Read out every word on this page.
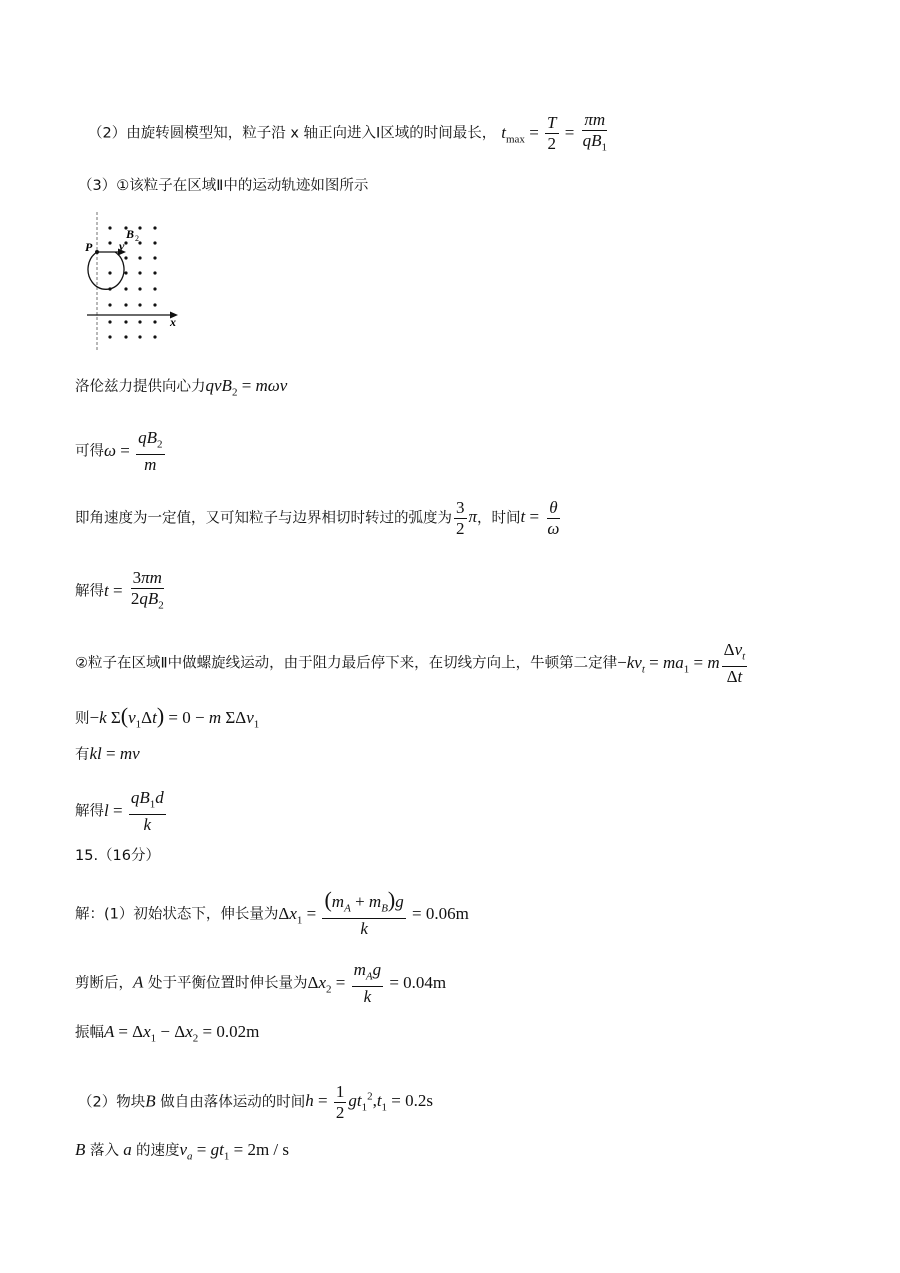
（2）由旋转圆模型知，粒子沿 x 轴正向进入Ⅰ区域的时间最长， $t_{max} = \frac{T}{2} = \frac{\pi m}{qB_1}$
（3）①该粒子在区域Ⅱ中的运动轨迹如图所示
P v
B 2
x
洛伦兹力提供向心力qvB$_2$ = mωv
可得$\omega = \frac{qB_2}{m}$
即角速度为一定值，又可知粒子与边界相切时转过的弧度为 $\frac{3}{2}$ π，时间$t = \frac{\theta}{\omega}$
解得$t = \frac{3\pi m}{2qB_2}$
②粒子在区域Ⅱ中做螺旋线运动，由于阻力最后停下来，在切线方向上，牛顿第二定律$-kv_t = ma_1 = m \frac{\Delta v_t}{\Delta t}$
则−k $\Sigma(v_1\Delta t) = 0 - m$ ΣΔv$_1$
有kl = mv
解得$l = \frac{qB_1d}{k}$
15.（16分）
解：(1）初始状态下，伸长量为$\Delta x_1 = \frac{(m_A + m_B)g}{k} = 0.06m$
剪断后，A 处于平衡位置时伸长量为$\Delta x_2 = \frac{m_Ag}{k} = 0.04m$
振幅$A = \Delta x_1 - \Delta x_2 = 0.02m$
（2）物块B 做自由落体运动的时间$h = \frac{1}{2} gt_1^2,t_1 = 0.2s$
B 落入 a 的速度$v_a = gt_1 = 2m / s$
